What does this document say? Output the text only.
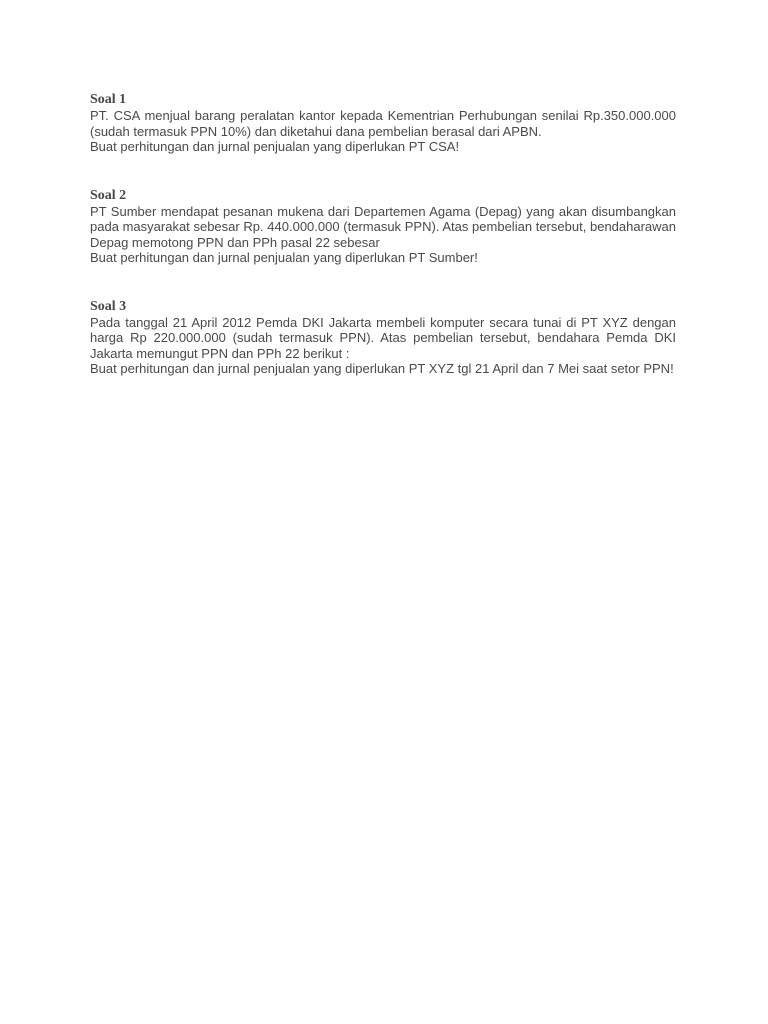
Soal 1

PT. CSA menjual barang peralatan kantor kepada Kementrian Perhubungan senilai Rp.350.000.000 (sudah termasuk PPN 10%) dan diketahui dana pembelian berasal dari APBN.

Buat perhitungan dan jurnal penjualan yang diperlukan PT CSA!

Soal 2

PT Sumber mendapat pesanan mukena dari Departemen Agama (Depag) yang akan disumbangkan pada masyarakat sebesar Rp. 440.000.000 (termasuk PPN). Atas pembelian tersebut, bendaharawan Depag memotong PPN dan PPh pasal 22 sebesar

Buat perhitungan dan jurnal penjualan yang diperlukan PT Sumber!

Soal 3

Pada tanggal 21 April 2012 Pemda DKI Jakarta membeli komputer secara tunai di PT XYZ dengan harga Rp 220.000.000 (sudah termasuk PPN). Atas pembelian tersebut, bendahara Pemda DKI Jakarta memungut PPN dan PPh 22 berikut :

Buat perhitungan dan jurnal penjualan yang diperlukan PT XYZ tgl 21 April dan 7 Mei saat setor PPN!
